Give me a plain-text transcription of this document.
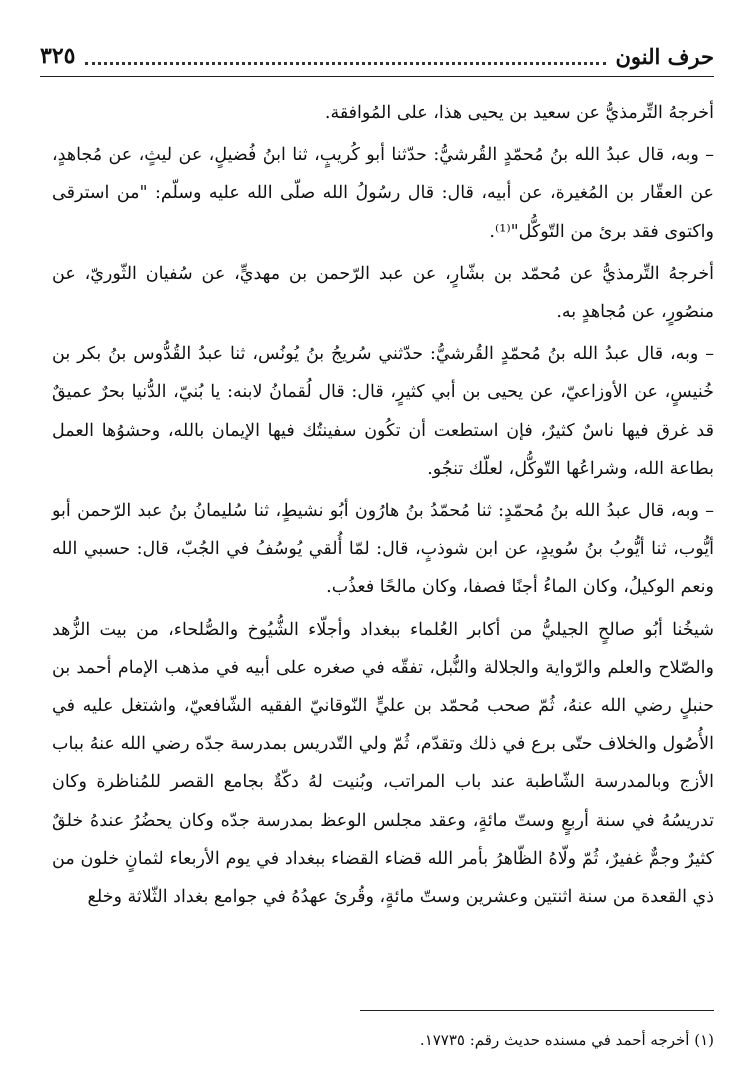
حرف النون
٣٢٥

أخرجهُ التِّرمذيُّ عن سعيد بن يحيى هذا، على المُوافقة.

– وبه، قال عبدُ الله بنُ مُحمّدٍ القُرشيُّ: حدّثنا أبو كُريبٍ، ثنا ابنُ فُضيلٍ، عن ليثٍ، عن مُجاهدٍ، عن العقّار بن المُغيرة، عن أبيه، قال: قال رسُولُ الله صلّى الله عليه وسلّم: "من استرقى واكتوى فقد برئ من التّوكُّل"⁽¹⁾.

أخرجهُ التِّرمذيُّ عن مُحمّد بن بشّارٍ، عن عبد الرّحمن بن مهديٍّ، عن سُفيان الثّوريّ، عن منصُورٍ، عن مُجاهدٍ به.

– وبه، قال عبدُ الله بنُ مُحمّدٍ القُرشيُّ: حدّثني سُريجُ بنُ يُونُس، ثنا عبدُ القُدُّوس بنُ بكر بن خُنيسٍ، عن الأوزاعيّ، عن يحيى بن أبي كثيرٍ، قال: قال لُقمانُ لابنه: يا بُنيّ، الدُّنيا بحرٌ عميقٌ قد غرق فيها ناسٌ كثيرٌ، فإن استطعت أن تكُون سفينتُك فيها الإيمان بالله، وحشوُها العمل بطاعة الله، وشراعُها التّوكُّل، لعلّك تنجُو.

– وبه، قال عبدُ الله بنُ مُحمّدٍ: ثنا مُحمّدُ بنُ هارُون أبُو نشيطٍ، ثنا سُليمانُ بنُ عبد الرّحمن أبو أيُّوب، ثنا أيُّوبُ بنُ سُويدٍ، عن ابن شوذبٍ، قال: لمّا أُلقي يُوسُفُ في الجُبّ، قال: حسبي الله ونعم الوكيلُ، وكان الماءُ أجنًا فصفا، وكان مالحًا فعذُب.

شيخُنا أبُو صالحٍ الجيليُّ من أكابر العُلماء ببغداد وأجلّاء الشُّيُوخ والصُّلحاء، من بيت الزُّهد والصّلاح والعلم والرّواية والجلالة والنُّبل، تفقّه في صغره على أبيه في مذهب الإمام أحمد بن حنبلٍ رضي الله عنهُ، ثُمّ صحب مُحمّد بن عليٍّ النّوقانيّ الفقيه الشّافعيّ، واشتغل عليه في الأُصُول والخلاف حتّى برع في ذلك وتقدّم، ثُمّ ولي التّدريس بمدرسة جدّه رضي الله عنهُ بباب الأزج وبالمدرسة الشّاطبة عند باب المراتب، وبُنيت لهُ دكّةٌ بجامع القصر للمُناظرة وكان تدريسُهُ في سنة أربعٍ وستّ مائةٍ، وعقد مجلس الوعظ بمدرسة جدّه وكان يحضُرُ عندهُ خلقٌ كثيرٌ وجمٌّ غفيرٌ، ثُمّ ولّاهُ الظّاهرُ بأمر الله قضاء القضاء ببغداد في يوم الأربعاء لثمانٍ خلون من ذي القعدة من سنة اثنتين وعشرين وستّ مائةٍ، وقُرئ عهدُهُ في جوامع بغداد الثّلاثة وخلع

(١) أخرجه أحمد في مسنده حديث رقم: ١٧٧٣٥.
